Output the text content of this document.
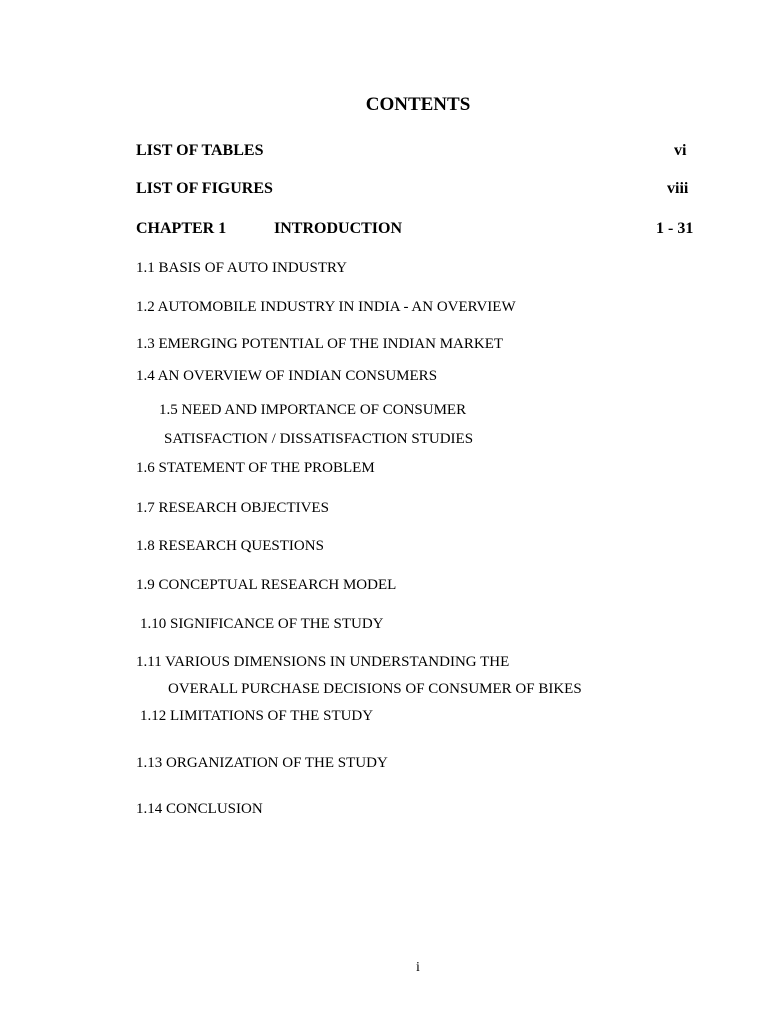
CONTENTS
LIST OF TABLES	vi
LIST OF FIGURES	viii
CHAPTER 1	INTRODUCTION	1 - 31
1.1 BASIS OF AUTO INDUSTRY
1.2 AUTOMOBILE INDUSTRY IN INDIA - AN OVERVIEW
1.3 EMERGING POTENTIAL OF THE INDIAN MARKET
1.4 AN OVERVIEW OF INDIAN CONSUMERS
1.5 NEED AND IMPORTANCE OF CONSUMER
SATISFACTION / DISSATISFACTION STUDIES
1.6 STATEMENT OF THE PROBLEM
1.7 RESEARCH OBJECTIVES
1.8 RESEARCH QUESTIONS
1.9 CONCEPTUAL RESEARCH MODEL
1.10 SIGNIFICANCE OF THE STUDY
1.11 VARIOUS DIMENSIONS IN UNDERSTANDING THE
OVERALL PURCHASE DECISIONS OF CONSUMER OF BIKES
1.12 LIMITATIONS OF THE STUDY
1.13 ORGANIZATION OF THE STUDY
1.14 CONCLUSION
i
